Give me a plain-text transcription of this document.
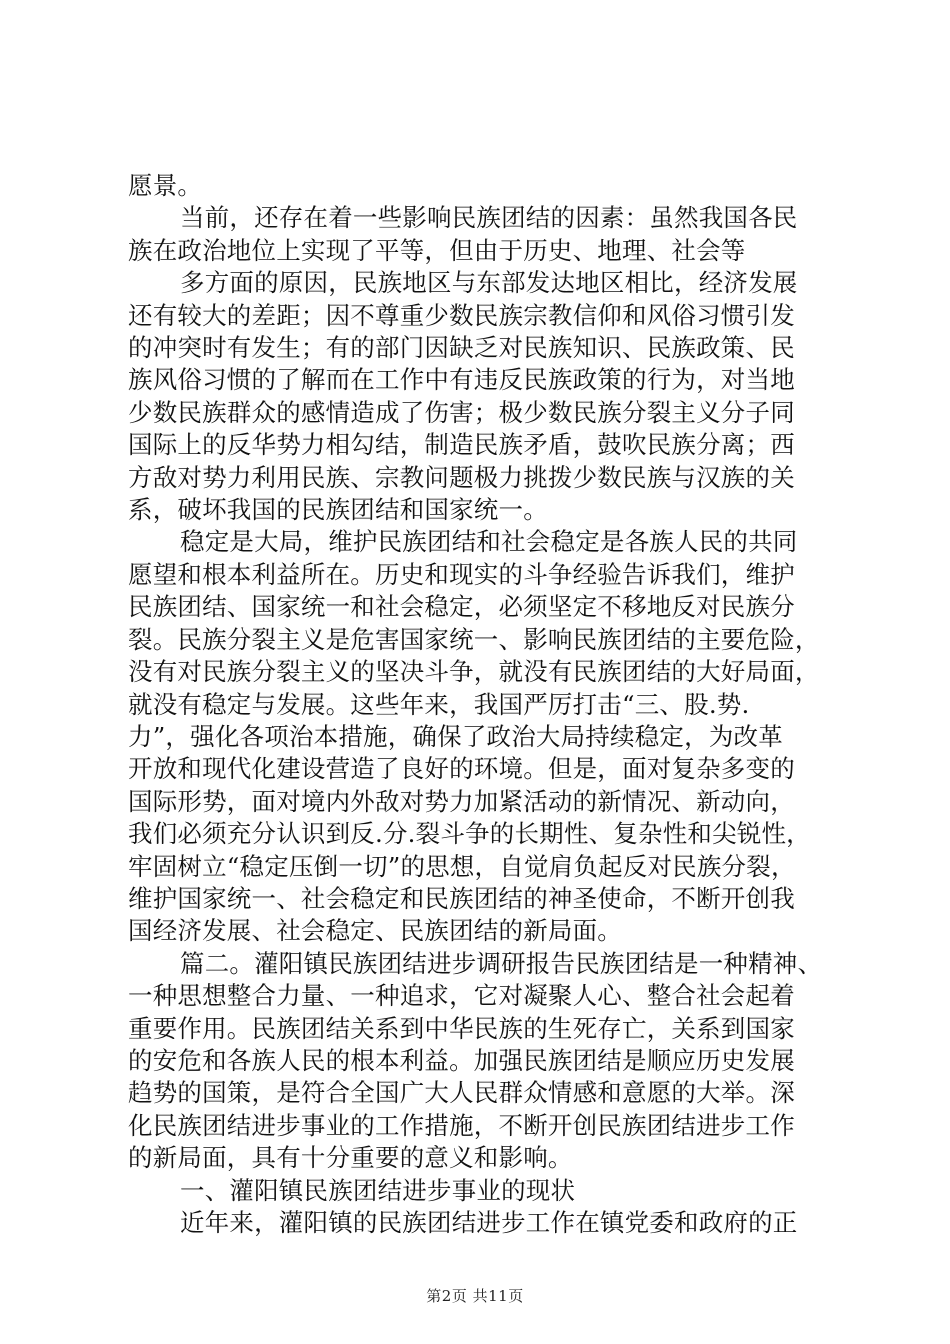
愿景。

当前，还存在着一些影响民族团结的因素：虽然我国各民

族在政治地位上实现了平等，但由于历史、地理、社会等

多方面的原因，民族地区与东部发达地区相比，经济发展

还有较大的差距；因不尊重少数民族宗教信仰和风俗习惯引发

的冲突时有发生；有的部门因缺乏对民族知识、民族政策、民

族风俗习惯的了解而在工作中有违反民族政策的行为，对当地

少数民族群众的感情造成了伤害；极少数民族分裂主义分子同

国际上的反华势力相勾结，制造民族矛盾，鼓吹民族分离；西

方敌对势力利用民族、宗教问题极力挑拨少数民族与汉族的关

系，破坏我国的民族团结和国家统一。

稳定是大局，维护民族团结和社会稳定是各族人民的共同

愿望和根本利益所在。历史和现实的斗争经验告诉我们，维护

民族团结、国家统一和社会稳定，必须坚定不移地反对民族分

裂。民族分裂主义是危害国家统一、影响民族团结的主要危险，

没有对民族分裂主义的坚决斗争，就没有民族团结的大好局面，

就没有稳定与发展。这些年来，我国严厉打击“三、股.势.

力”，强化各项治本措施，确保了政治大局持续稳定，为改革

开放和现代化建设营造了良好的环境。但是，面对复杂多变的

国际形势，面对境内外敌对势力加紧活动的新情况、新动向，

我们必须充分认识到反.分.裂斗争的长期性、复杂性和尖锐性，

牢固树立“稳定压倒一切”的思想，自觉肩负起反对民族分裂，

维护国家统一、社会稳定和民族团结的神圣使命，不断开创我

国经济发展、社会稳定、民族团结的新局面。

篇二。灌阳镇民族团结进步调研报告民族团结是一种精神、

一种思想整合力量、一种追求，它对凝聚人心、整合社会起着

重要作用。民族团结关系到中华民族的生死存亡，关系到国家

的安危和各族人民的根本利益。加强民族团结是顺应历史发展

趋势的国策，是符合全国广大人民群众情感和意愿的大举。深

化民族团结进步事业的工作措施，不断开创民族团结进步工作

的新局面，具有十分重要的意义和影响。

一、灌阳镇民族团结进步事业的现状

近年来，灌阳镇的民族团结进步工作在镇党委和政府的正

第2页 共11页
